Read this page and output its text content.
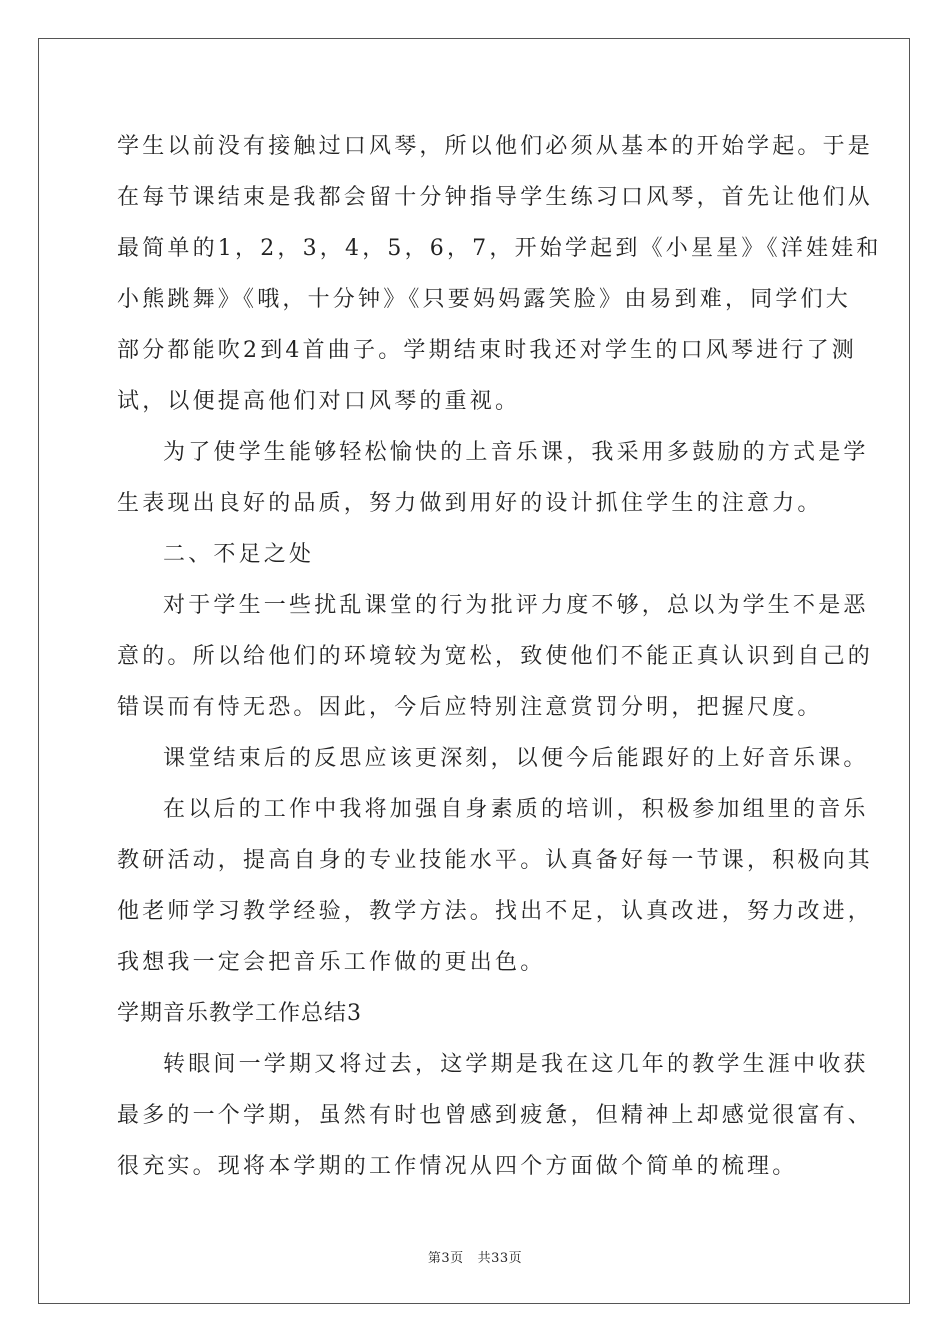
学生以前没有接触过口风琴，所以他们必须从基本的开始学起。于是
在每节课结束是我都会留十分钟指导学生练习口风琴，首先让他们从
最简单的1，2，3，4，5，6，7，开始学起到《小星星》《洋娃娃和
小熊跳舞》《哦，十分钟》《只要妈妈露笑脸》由易到难，同学们大
部分都能吹2到4首曲子。学期结束时我还对学生的口风琴进行了测
试，以便提高他们对口风琴的重视。
为了使学生能够轻松愉快的上音乐课，我采用多鼓励的方式是学
生表现出良好的品质，努力做到用好的设计抓住学生的注意力。
二、不足之处
对于学生一些扰乱课堂的行为批评力度不够，总以为学生不是恶
意的。所以给他们的环境较为宽松，致使他们不能正真认识到自己的
错误而有恃无恐。因此，今后应特别注意赏罚分明，把握尺度。
课堂结束后的反思应该更深刻，以便今后能跟好的上好音乐课。
在以后的工作中我将加强自身素质的培训，积极参加组里的音乐
教研活动，提高自身的专业技能水平。认真备好每一节课，积极向其
他老师学习教学经验，教学方法。找出不足，认真改进，努力改进，
我想我一定会把音乐工作做的更出色。
学期音乐教学工作总结3
转眼间一学期又将过去，这学期是我在这几年的教学生涯中收获
最多的一个学期，虽然有时也曾感到疲惫，但精神上却感觉很富有、
很充实。现将本学期的工作情况从四个方面做个简单的梳理。
第3页 共33页
